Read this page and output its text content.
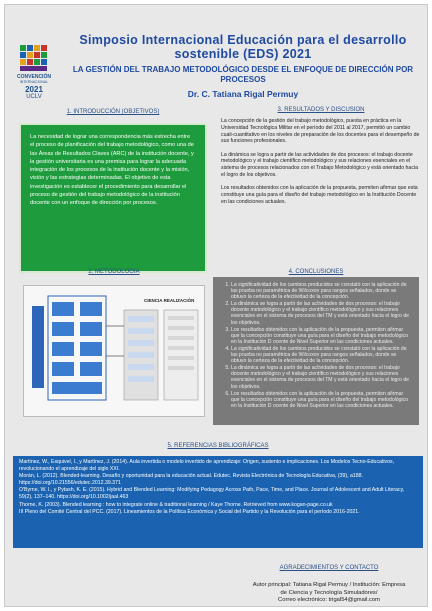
CONVENCIÓN
INTERNACIONAL
2021
UCLV
Simposio Internacional Educación para el desarrollo sostenible (EDS) 2021
LA GESTIÓN DEL TRABAJO METODOLÓGICO DESDE EL ENFOQUE DE DIRECCIÓN POR PROCESOS
Dr. C. Tatiana Rigal Permuy
1. INTRODUCCIÓN (OBJETIVOS)
La necesidad de lograr una correspondencia más estrecha entre el proceso de planificación del trabajo metodológico, como una de las Áreas de Resultados Claves (ARC) de la institución docente, y la gestión universitaria es una premisa para lograr la adecuada integración de los procesos de la institución docente y la misión, visión y las estrategias determinadas. El objetivo de esta investigación es establecer el procedimiento para desarrollar el proceso de gestión del trabajo metodológico de la institución docente con un enfoque de dirección por procesos.
3. RESULTADOS Y DISCUSION

La concepción de la gestión del trabajo metodológico, puesta en práctica en la Universidad Tecnológica Militar en el período del 2011 al 2017, permitió un cambio cuali-cuantitativo en los niveles de preparación de los docentes para el desempeño de sus funciones profesionales.

La dinámica se logra a partir de las actividades de dos procesos: el trabajo docente metodológico y el trabajo científico metodológico y sus relaciones esenciales en el sistema de procesos relacionados con el Trabajo Metodológico y está orientado hacia el logro de los objetivos.

Los resultados obtenidos con la aplicación de la propuesta, permiten afirmar que esta constituye una guía para el diseño del trabajo metodológico en la Institución Docente en las condiciones actuales.

2. METODOLOGIA
CIENCIA REALIZACIÓN
4. CONCLUSIONES
1. La significatividad de los cambios producidos se constató con la aplicación de las prueba no paramétrica de Wilcoxon para rangos señalados, donde se obtuvo la certeza de la efectividad de la concepción.
2. La dinámica se logra a partir de las actividades de dos procesos: el trabajo docente metodológico y el trabajo científico metodológico y sus relaciones esenciales en el sistema de procesos del TM y está orientado hacia el logro de los objetivos.
3. Los resultados obtenidos con la aplicación de la propuesta, permiten afirmar que la concepción constituye una guía para el diseño del trabajo metodológico en la Institución D ocente de Nivel Superior en las condiciones actuales.
4. La significatividad de los cambios producidos se constató con la aplicación de las prueba no paramétrica de Wilcoxon para rangos señalados, donde se obtuvo la certeza de la efectividad de la concepción.
5. La dinámica se logra a partir de las actividades de dos procesos: el trabajo docente metodológico y el trabajo científico metodológico y sus relaciones esenciales en el sistema de procesos del TM y está orientado hacia el logro de los objetivos.
6. Los resultados obtenidos con la aplicación de la propuesta, permiten afirmar que la concepción constituye una guía para el diseño del trabajo metodológico en la Institución D ocente de Nivel Superior en las condiciones actuales.
5. REFERENCIAS BIBLIOGRÁFICAS

Martínez, W., Esquivel, I., y Martínez, J. (2014). Aula invertida o modelo invertido de aprendizaje: Origen, sustento e implicaciones. Los Modelos Tecno-Educativos, revolucionando el aprendizaje del siglo XXI.

Morán, L. (2012). Blended-learning. Desafío y oportunidad para la educación actual. Edutec. Revista Electrónica de Tecnología Educativa, (39), a188. https://doi.org/10.21556/edutec.2012.39.371

O'Byrne, W. I., y Pytash, K. E. (2015). Hybrid and Blended Learning: Modifying Pedagogy Across Path, Pace, Time, and Place. Journal of Adolescent and Adult Literacy, 59(2), 137–140. https://doi.org/10.1002/jaal.463

Thorne, K. (2003). Blended learning : how to integrate online & traditional learning / Kaye Thorne. Retrieved from www.kogan-page.co.uk

III Pleno del Comité Central del PCC. (2017). Lineamientos de la Política Económica y Social del Partido y la Revolución para el período 2016-2021.

AGRADECIMIENTOS Y CONTACTO
Autor principal: Tatiana Rigal Permuy / Institución: Empresa
de Ciencia y Tecnología Simuladores/
Correo electrónico: trigal54@gmail.com
